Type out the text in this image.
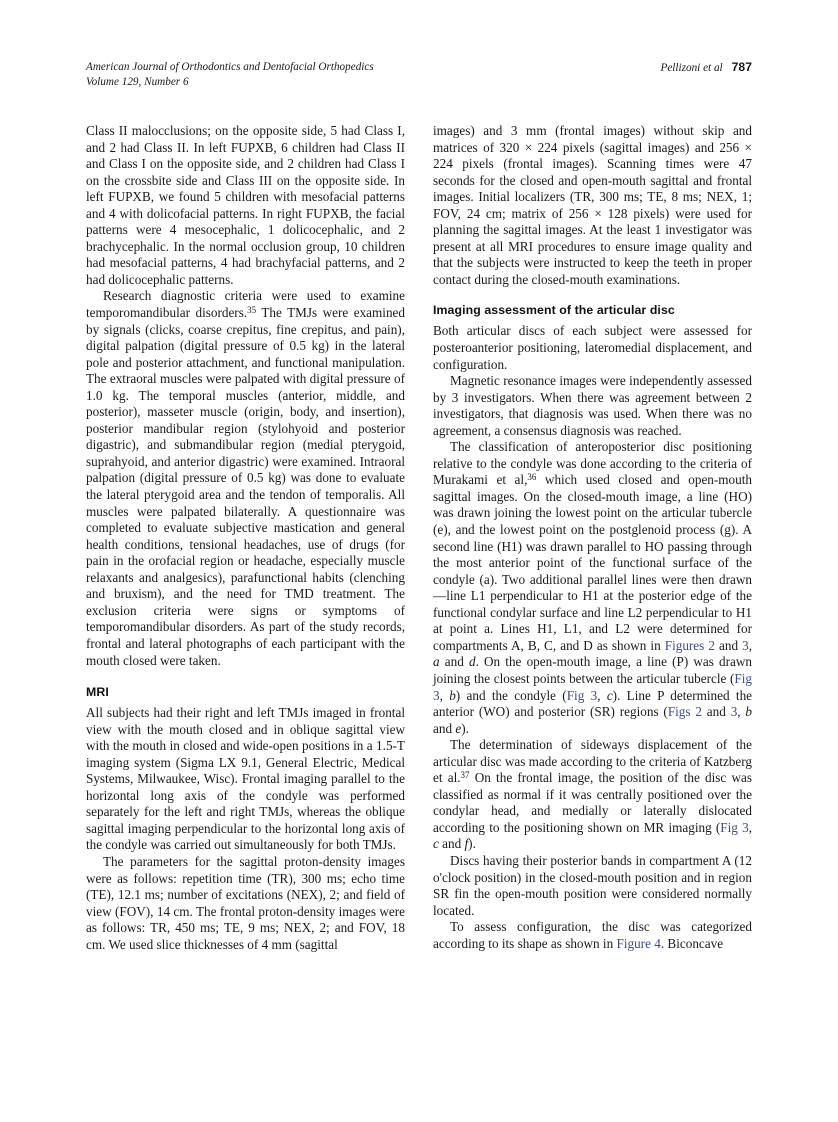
American Journal of Orthodontics and Dentofacial Orthopedics
Volume 129, Number 6
Pellizoni et al 787

Class II malocclusions; on the opposite side, 5 had Class I, and 2 had Class II. In left FUPXB, 6 children had Class II and Class I on the opposite side, and 2 children had Class I on the crossbite side and Class III on the opposite side. In left FUPXB, we found 5 children with mesofacial patterns and 4 with dolicofacial patterns. In right FUPXB, the facial patterns were 4 mesocephalic, 1 dolicocephalic, and 2 brachycephalic. In the normal occlusion group, 10 children had mesofacial patterns, 4 had brachyfacial patterns, and 2 had dolicocephalic patterns.

Research diagnostic criteria were used to examine temporomandibular disorders.$^{35}$ The TMJs were examined by signals (clicks, coarse crepitus, fine crepitus, and pain), digital palpation (digital pressure of 0.5 kg) in the lateral pole and posterior attachment, and functional manipulation. The extraoral muscles were palpated with digital pressure of 1.0 kg. The temporal muscles (anterior, middle, and posterior), masseter muscle (origin, body, and insertion), posterior mandibular region (stylohyoid and posterior digastric), and submandibular region (medial pterygoid, suprahyoid, and anterior digastric) were examined. Intraoral palpation (digital pressure of 0.5 kg) was done to evaluate the lateral pterygoid area and the tendon of temporalis. All muscles were palpated bilaterally. A questionnaire was completed to evaluate subjective mastication and general health conditions, tensional headaches, use of drugs (for pain in the orofacial region or headache, especially muscle relaxants and analgesics), parafunctional habits (clenching and bruxism), and the need for TMD treatment. The exclusion criteria were signs or symptoms of temporomandibular disorders. As part of the study records, frontal and lateral photographs of each participant with the mouth closed were taken.

MRI

All subjects had their right and left TMJs imaged in frontal view with the mouth closed and in oblique sagittal view with the mouth in closed and wide-open positions in a 1.5-T imaging system (Sigma LX 9.1, General Electric, Medical Systems, Milwaukee, Wisc). Frontal imaging parallel to the horizontal long axis of the condyle was performed separately for the left and right TMJs, whereas the oblique sagittal imaging perpendicular to the horizontal long axis of the condyle was carried out simultaneously for both TMJs.

The parameters for the sagittal proton-density images were as follows: repetition time (TR), 300 ms; echo time (TE), 12.1 ms; number of excitations (NEX), 2; and field of view (FOV), 14 cm. The frontal proton-density images were as follows: TR, 450 ms; TE, 9 ms; NEX, 2; and FOV, 18 cm. We used slice thicknesses of 4 mm (sagittal

images) and 3 mm (frontal images) without skip and matrices of 320 × 224 pixels (sagittal images) and 256 × 224 pixels (frontal images). Scanning times were 47 seconds for the closed and open-mouth sagittal and frontal images. Initial localizers (TR, 300 ms; TE, 8 ms; NEX, 1; FOV, 24 cm; matrix of 256 × 128 pixels) were used for planning the sagittal images. At the least 1 investigator was present at all MRI procedures to ensure image quality and that the subjects were instructed to keep the teeth in proper contact during the closed-mouth examinations.

Imaging assessment of the articular disc

Both articular discs of each subject were assessed for posteroanterior positioning, lateromedial displacement, and configuration.

Magnetic resonance images were independently assessed by 3 investigators. When there was agreement between 2 investigators, that diagnosis was used. When there was no agreement, a consensus diagnosis was reached.

The classification of anteroposterior disc positioning relative to the condyle was done according to the criteria of Murakami et al,$^{36}$ which used closed and open-mouth sagittal images. On the closed-mouth image, a line (HO) was drawn joining the lowest point on the articular tubercle (e), and the lowest point on the postglenoid process (g). A second line (H1) was drawn parallel to HO passing through the most anterior point of the functional surface of the condyle (a). Two additional parallel lines were then drawn—line L1 perpendicular to H1 at the posterior edge of the functional condylar surface and line L2 perpendicular to H1 at point a. Lines H1, L1, and L2 were determined for compartments A, B, C, and D as shown in Figures 2 and 3, a and d. On the open-mouth image, a line (P) was drawn joining the closest points between the articular tubercle (Fig 3, b) and the condyle (Fig 3, c). Line P determined the anterior (WO) and posterior (SR) regions (Figs 2 and 3, b and e).

The determination of sideways displacement of the articular disc was made according to the criteria of Katzberg et al.$^{37}$ On the frontal image, the position of the disc was classified as normal if it was centrally positioned over the condylar head, and medially or laterally dislocated according to the positioning shown on MR imaging (Fig 3, c and f).

Discs having their posterior bands in compartment A (12 o'clock position) in the closed-mouth position and in region SR fin the open-mouth position were considered normally located.

To assess configuration, the disc was categorized according to its shape as shown in Figure 4. Biconcave
